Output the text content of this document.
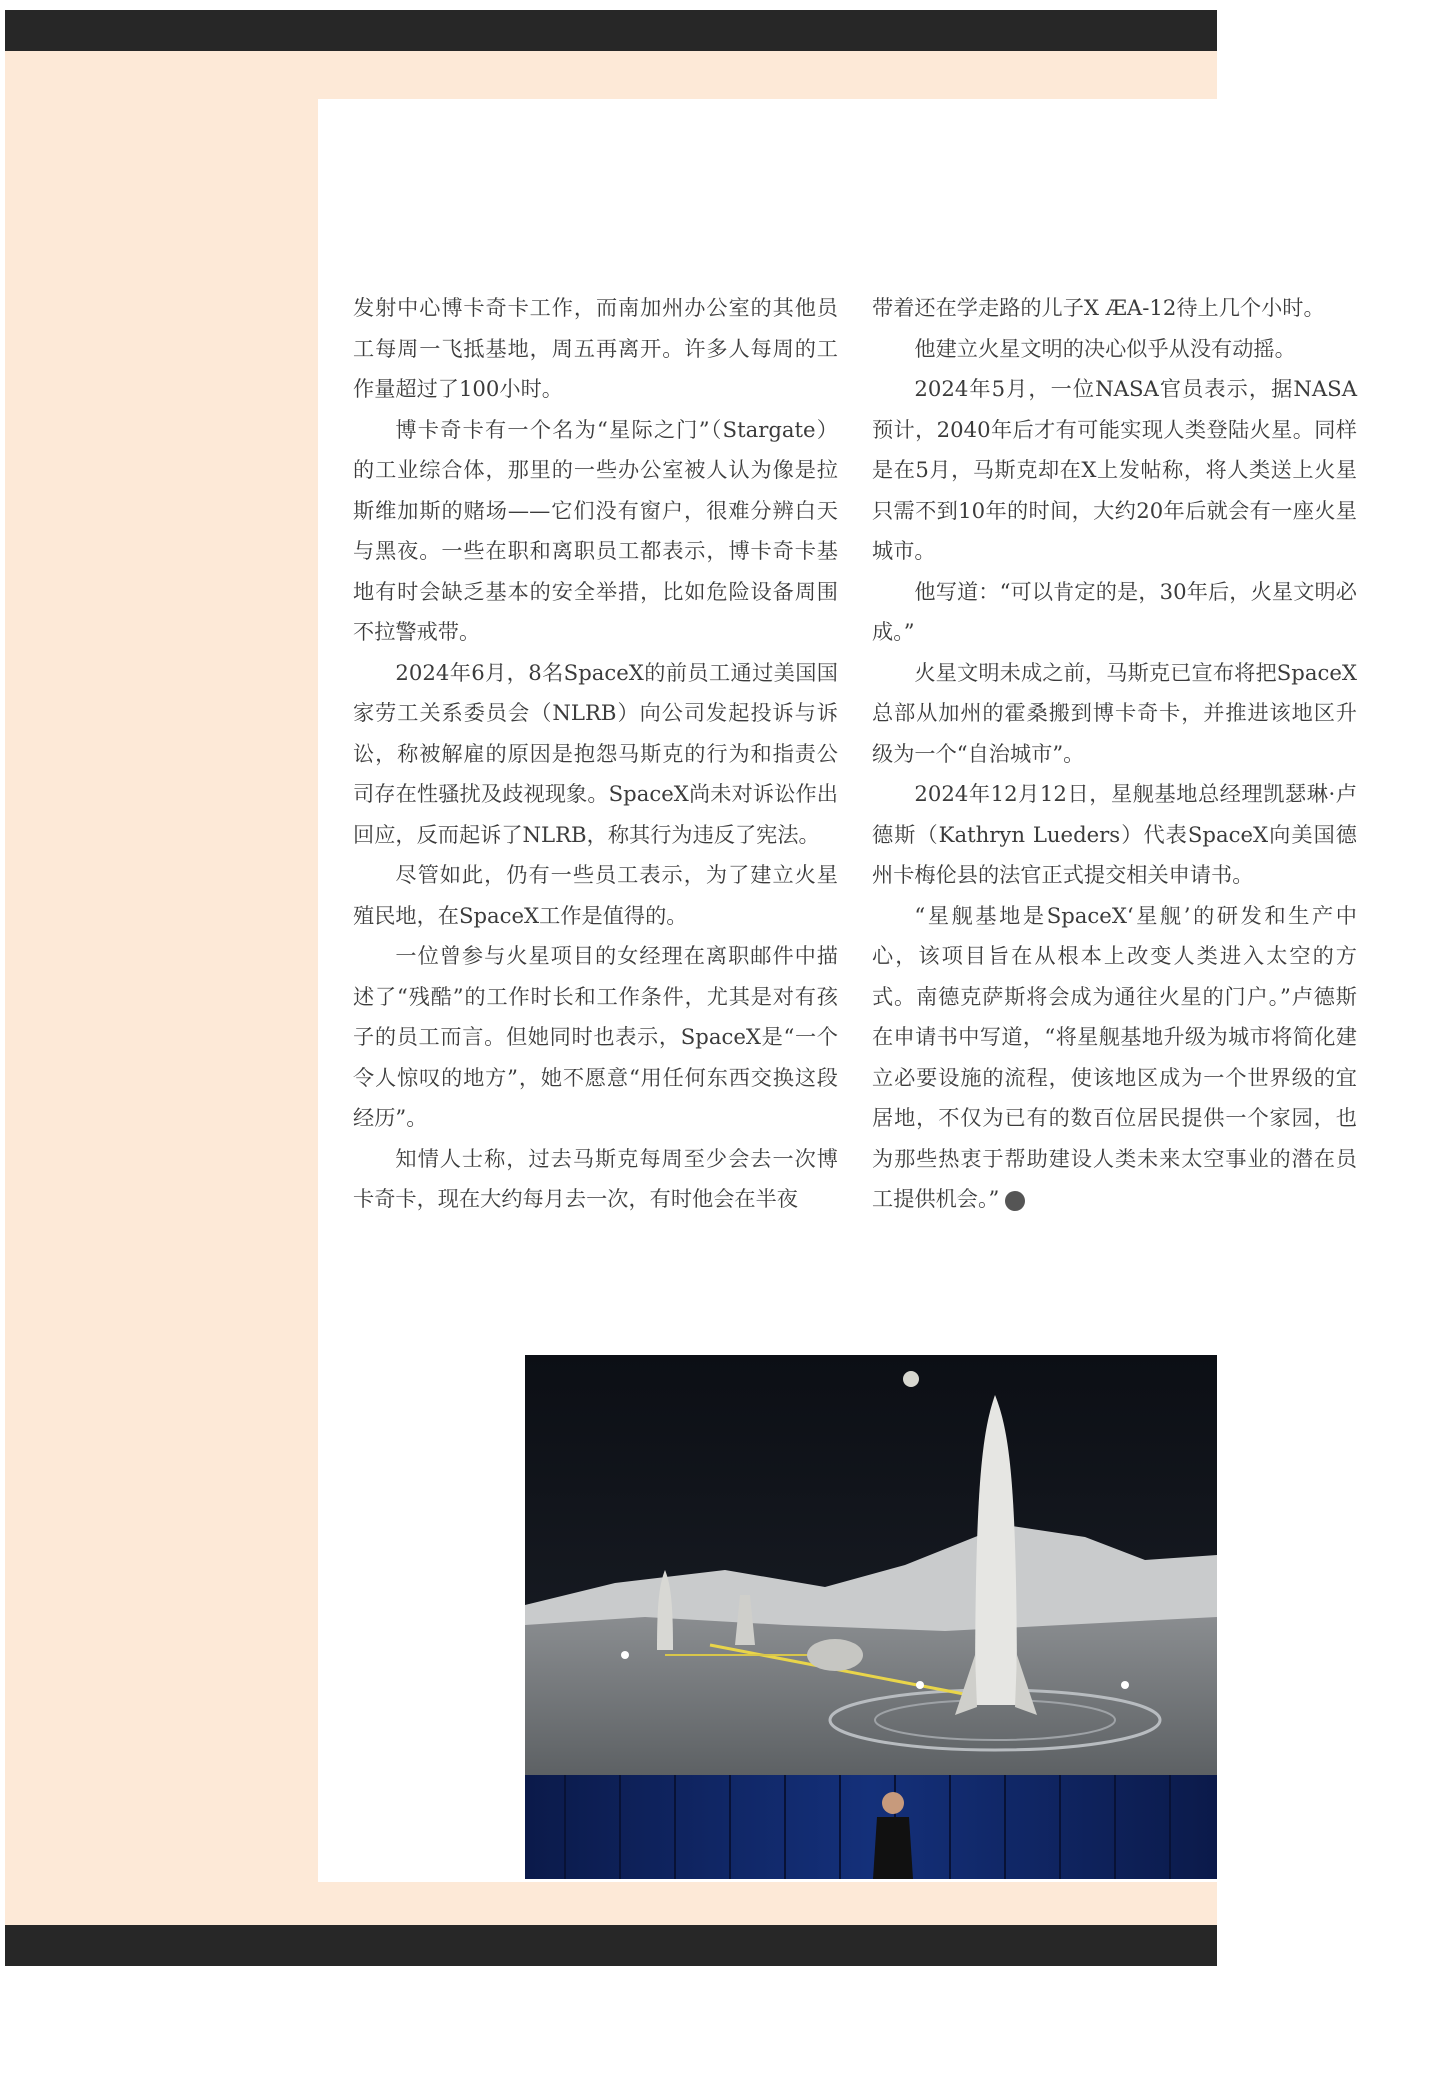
发射中心博卡奇卡工作，而南加州办公室的其他员工每周一飞抵基地，周五再离开。许多人每周的工作量超过了100小时。

博卡奇卡有一个名为“星际之门”（Stargate）的工业综合体，那里的一些办公室被人认为像是拉斯维加斯的赌场——它们没有窗户，很难分辨白天与黑夜。一些在职和离职员工都表示，博卡奇卡基地有时会缺乏基本的安全举措，比如危险设备周围不拉警戒带。

2024年6月，8名SpaceX的前员工通过美国国家劳工关系委员会（NLRB）向公司发起投诉与诉讼，称被解雇的原因是抱怨马斯克的行为和指责公司存在性骚扰及歧视现象。SpaceX尚未对诉讼作出回应，反而起诉了NLRB，称其行为违反了宪法。

尽管如此，仍有一些员工表示，为了建立火星殖民地，在SpaceX工作是值得的。

一位曾参与火星项目的女经理在离职邮件中描述了“残酷”的工作时长和工作条件，尤其是对有孩子的员工而言。但她同时也表示，SpaceX是“一个令人惊叹的地方”，她不愿意“用任何东西交换这段经历”。

知情人士称，过去马斯克每周至少会去一次博卡奇卡，现在大约每月去一次，有时他会在半夜

带着还在学走路的儿子X ÆA-12待上几个小时。

他建立火星文明的决心似乎从没有动摇。

2024年5月，一位NASA官员表示，据NASA预计，2040年后才有可能实现人类登陆火星。同样是在5月，马斯克却在X上发帖称，将人类送上火星只需不到10年的时间，大约20年后就会有一座火星城市。

他写道：“可以肯定的是，30年后，火星文明必成。”

火星文明未成之前，马斯克已宣布将把SpaceX总部从加州的霍桑搬到博卡奇卡，并推进该地区升级为一个“自治城市”。

2024年12月12日，星舰基地总经理凯瑟琳·卢德斯（Kathryn Lueders）代表SpaceX向美国德州卡梅伦县的法官正式提交相关申请书。

“星舰基地是SpaceX‘星舰’的研发和生产中心，该项目旨在从根本上改变人类进入太空的方式。南德克萨斯将会成为通往火星的门户。”卢德斯在申请书中写道，“将星舰基地升级为城市将简化建立必要设施的流程，使该地区成为一个世界级的宜居地，不仅为已有的数百位居民提供一个家园，也为那些热衷于帮助建设人类未来太空事业的潜在员工提供机会。”	W
